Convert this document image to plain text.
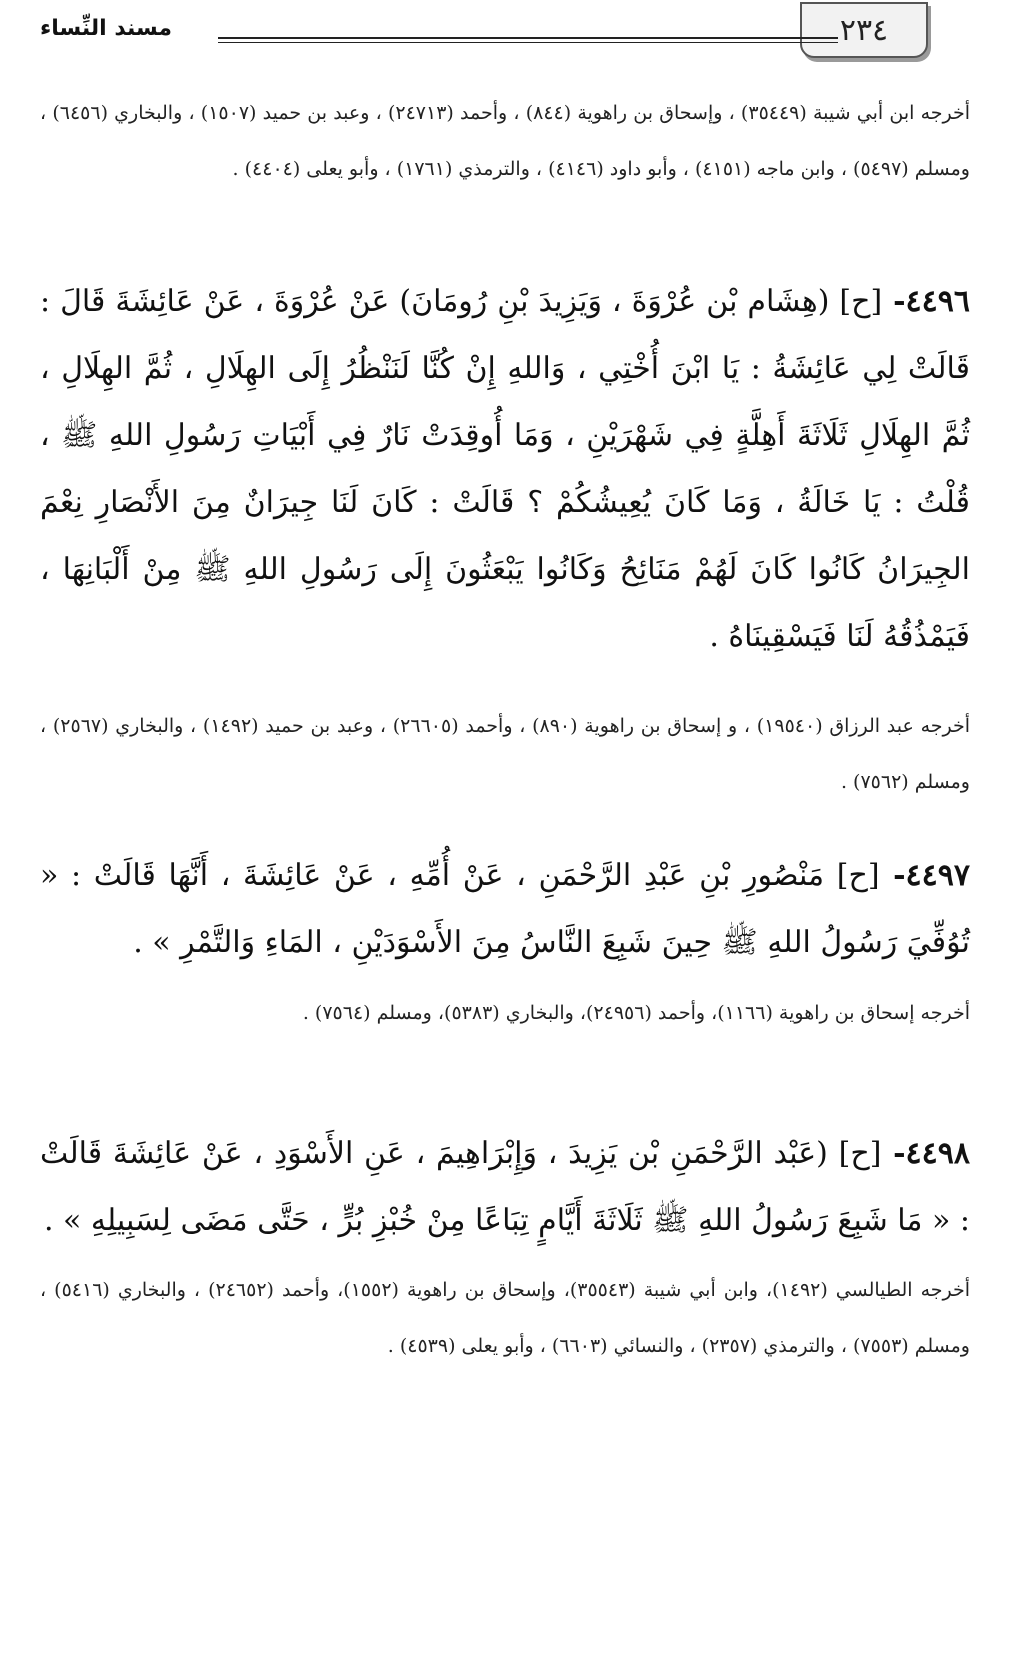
٢٣٤
مسند النِّساء
أخرجه ابن أبي شيبة (٣٥٤٤٩) ، وإسحاق بن راهوية (٨٤٤) ، وأحمد (٢٤٧١٣) ، وعبد بن حميد (١٥٠٧) ، والبخاري (٦٤٥٦) ، ومسلم (٥٤٩٧) ، وابن ماجه (٤١٥١) ، وأبو داود (٤١٤٦) ، والترمذي (١٧٦١) ، وأبو يعلى (٤٤٠٤) .
٤٤٩٦- [ح] (هِشَام بْن عُرْوَةَ ، وَيَزِيدَ بْنِ رُومَانَ) عَنْ عُرْوَةَ ، عَنْ عَائِشَةَ قَالَ : قَالَتْ لِي عَائِشَةُ : يَا ابْنَ أُخْتِي ، وَاللهِ إِنْ كُنَّا لَنَنْظُرُ إِلَى الهِلَالِ ، ثُمَّ الهِلَالِ ، ثُمَّ الهِلَالِ ثَلَاثَةَ أَهِلَّةٍ فِي شَهْرَيْنِ ، وَمَا أُوقِدَتْ نَارٌ فِي أَبْيَاتِ رَسُولِ اللهِ ﷺ ، قُلْتُ : يَا خَالَةُ ، وَمَا كَانَ يُعِيشُكُمْ ؟ قَالَتْ : كَانَ لَنَا جِيرَانٌ مِنَ الأَنْصَارِ نِعْمَ الجِيرَانُ كَانُوا كَانَ لَهُمْ مَنَائِحُ وَكَانُوا يَبْعَثُونَ إِلَى رَسُولِ اللهِ ﷺ مِنْ أَلْبَانِهَا ، فَيَمْذُقُهُ لَنَا فَيَسْقِينَاهُ .
أخرجه عبد الرزاق (١٩٥٤٠) ، و إسحاق بن راهوية (٨٩٠) ، وأحمد (٢٦٦٠٥) ، وعبد بن حميد (١٤٩٢) ، والبخاري (٢٥٦٧) ، ومسلم (٧٥٦٢) .
٤٤٩٧- [ح] مَنْصُورِ بْنِ عَبْدِ الرَّحْمَنِ ، عَنْ أُمِّهِ ، عَنْ عَائِشَةَ ، أَنَّهَا قَالَتْ : « تُوُفِّيَ رَسُولُ اللهِ ﷺ حِينَ شَبِعَ النَّاسُ مِنَ الأَسْوَدَيْنِ ، المَاءِ وَالتَّمْرِ » .
أخرجه إسحاق بن راهوية (١١٦٦)، وأحمد (٢٤٩٥٦)، والبخاري (٥٣٨٣)، ومسلم (٧٥٦٤) .
٤٤٩٨- [ح] (عَبْد الرَّحْمَنِ بْن يَزِيدَ ، وَإِبْرَاهِيمَ ، عَنِ الأَسْوَدِ ، عَنْ عَائِشَةَ قَالَتْ : « مَا شَبِعَ رَسُولُ اللهِ ﷺ ثَلَاثَةَ أَيَّامٍ تِبَاعًا مِنْ خُبْزِ بُرٍّ ، حَتَّى مَضَى لِسَبِيلِهِ » .
أخرجه الطيالسي (١٤٩٢)، وابن أبي شيبة (٣٥٥٤٣)، وإسحاق بن راهوية (١٥٥٢)، وأحمد (٢٤٦٥٢) ، والبخاري (٥٤١٦) ، ومسلم (٧٥٥٣) ، والترمذي (٢٣٥٧) ، والنسائي (٦٦٠٣) ، وأبو يعلى (٤٥٣٩) .
